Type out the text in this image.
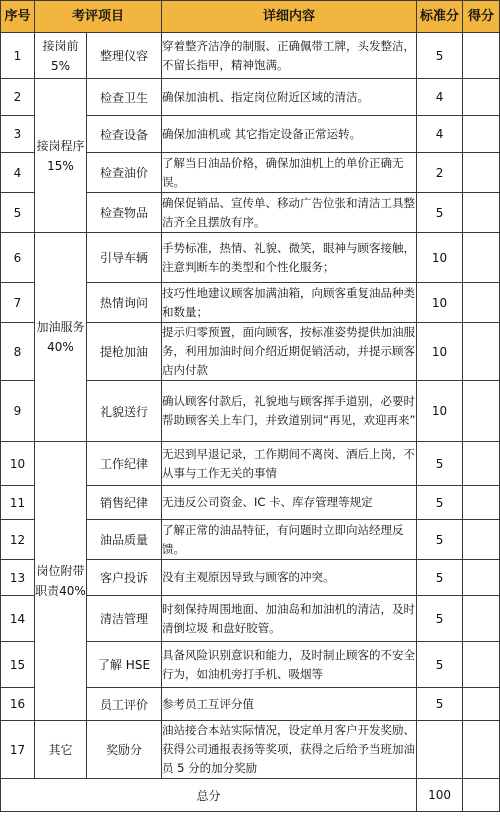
序号	考评项目		详细内容	标准分	得分
1	接岗前5%	整理仪容	穿着整齐洁净的制服、正确佩带工牌，头发整洁，不留长指甲，精神饱满。	5	
2	接岗程序 15%	检查卫生	确保加油机、指定岗位附近区域的清洁。	4	
3		检查设备	确保加油机或 其它指定设备正常运转。	4	
4		检查油价	了解当日油品价格，确保加油机上的单价正确无误。	2	
5		检查物品	确保促销品、宣传单、移动广告位张和清洁工具整洁齐全且摆放有序。	5	
6	加油服务 40%	引导车辆	手势标准，热情、礼貌、微笑，眼神与顾客接触，注意判断车的类型和个性化服务；	10	
7		热情询问	技巧性地建议顾客加满油箱，向顾客重复油品种类和数量；	10	
8		提枪加油	提示归零预置，面向顾客，按标准姿势提供加油服务，利用加油时间介绍近期促销活动，并提示顾客店内付款	10	
9		礼貌送行	确认顾客付款后，礼貌地与顾客挥手道别，必要时帮助顾客关上车门，并致道别词“再见，欢迎再来”	10	
10	岗位附带职责40%	工作纪律	无迟到早退记录，工作期间不离岗、酒后上岗，不从事与工作无关的事情	5	
11		销售纪律	无违反公司资金、IC 卡、库存管理等规定	5	
12		油品质量	了解正常的油品特征，有问题时立即向站经理反馈。	5	
13		客户投诉	没有主观原因导致与顾客的冲突。	5	
14		清洁管理	时刻保持周围地面、加油岛和加油机的清洁，及时清倒垃圾 和盘好胶管。	5	
15		了解 HSE	具备风险识别意识和能力，及时制止顾客的不安全行为，如油机旁打手机、吸烟等	5	
16		员工评价	参考员工互评分值	5	
17	其它	奖励分	油站接合本站实际情况，设定单月客户开发奖励、获得公司通报表扬等奖项，获得之后给予当班加油员 5 分的加分奖励		
总分				100	
